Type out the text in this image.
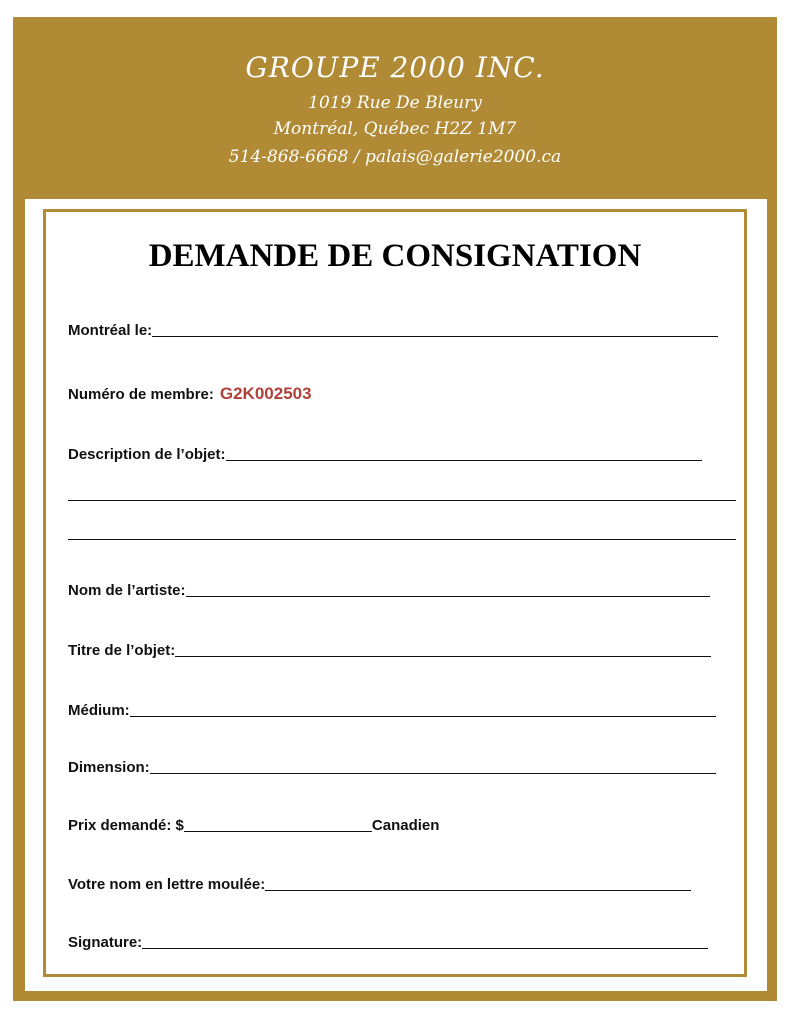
GROUPE 2000 INC.
1019 Rue De Bleury
Montréal, Québec H2Z 1M7
514-868-6668 / palais@galerie2000.ca
DEMANDE DE CONSIGNATION
Montréal le:
Numéro de membre: G2K002503
Description de l’objet:
Nom de l’artiste:
Titre de l’objet:
Médium:
Dimension:
Prix demandé: $	Canadien
Votre nom en lettre moulée:
Signature:
